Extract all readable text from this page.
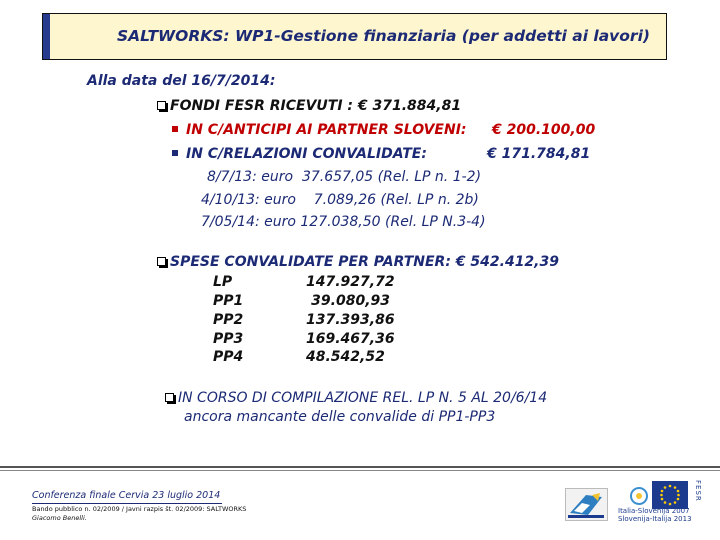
SALTWORKS: WP1-Gestione finanziaria (per addetti ai lavori)
Alla data del 16/7/2014:
FONDI FESR RICEVUTI : € 371.884,81
IN C/ANTICIPI AI PARTNER SLOVENI: € 200.100,00
IN C/RELAZIONI CONVALIDATE:	€ 171.784,81
8/7/13: euro  37.657,05 (Rel. LP n. 1-2)
4/10/13: euro    7.089,26 (Rel. LP n. 2b)
7/05/14: euro 127.038,50 (Rel. LP N.3-4)
SPESE CONVALIDATE PER PARTNER: € 542.412,39
LP	147.927,72
PP1	39.080,93
PP2	137.393,86
PP3	169.467,36
PP4	48.542,52
IN CORSO DI COMPILAZIONE REL. LP N. 5 AL 20/6/14
ancora mancante delle convalide di PP1-PP3
Conferenza finale Cervia 23 luglio 2014
Bando pubblico n. 02/2009 / Javni razpis št. 02/2009: SALTWORKS
Giacomo Benelli.
Italia-Slovenija 2007
Slovenija-Italija 2013
FESR
